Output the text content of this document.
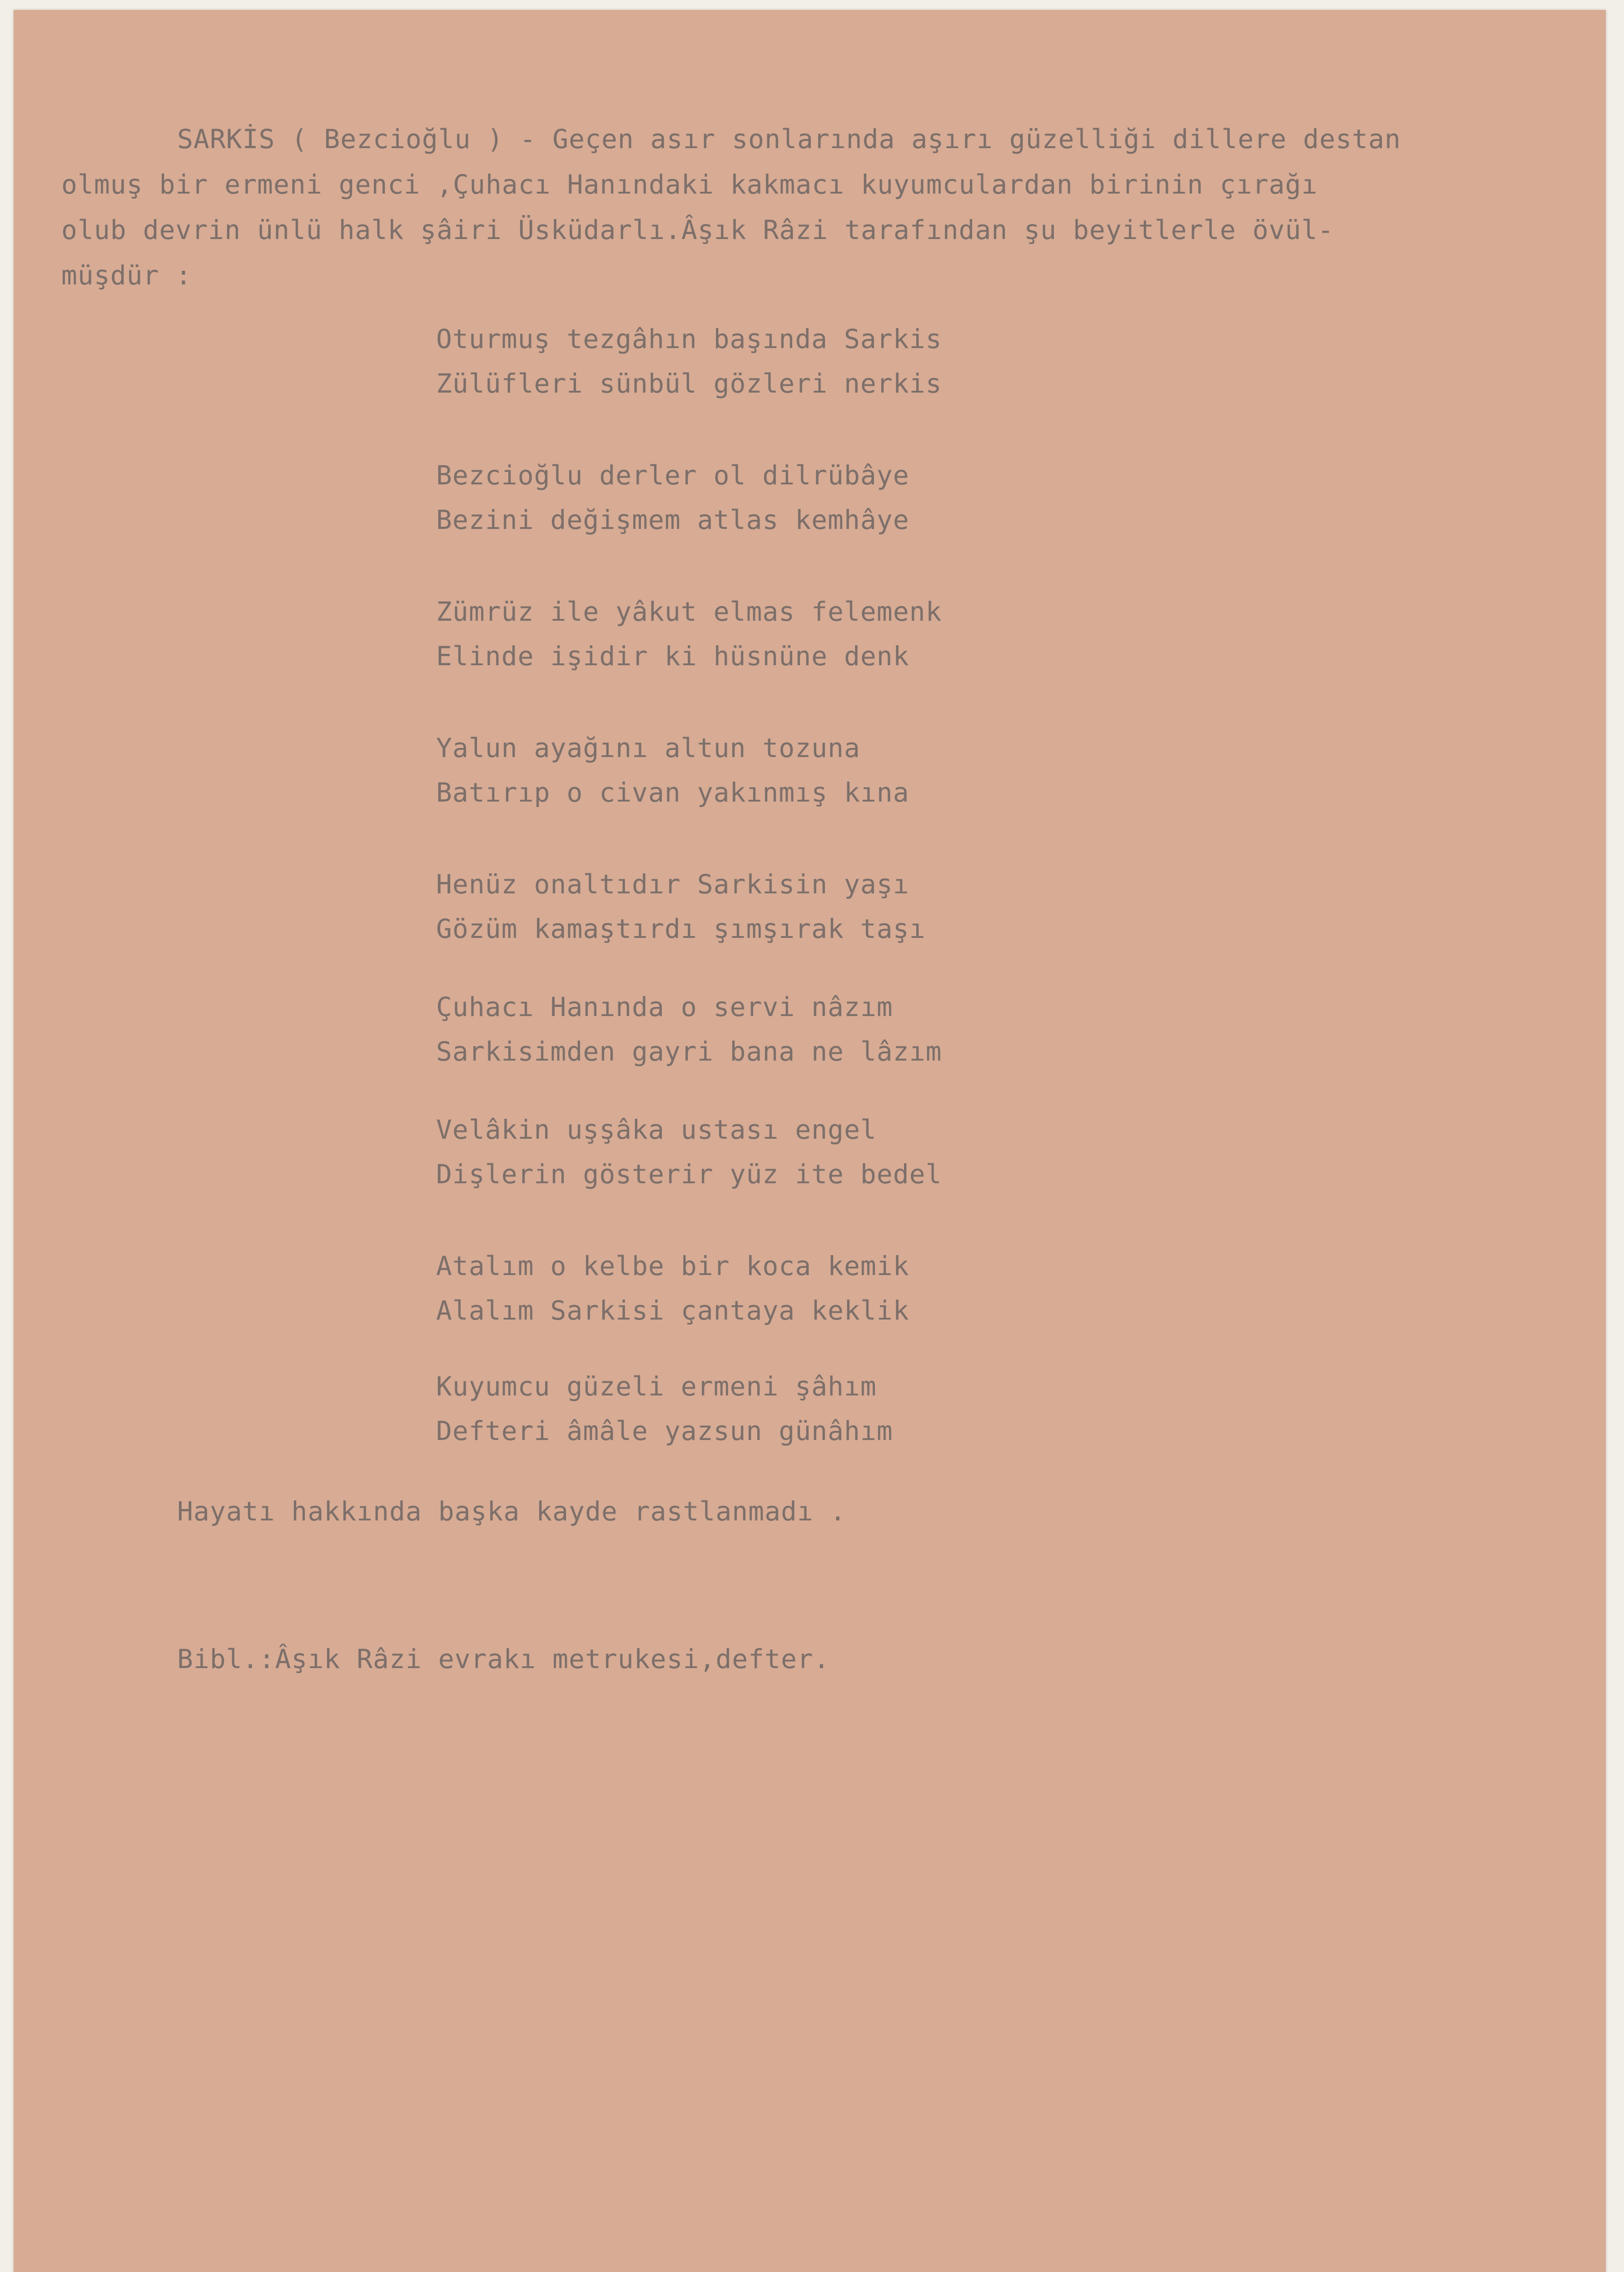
SARKİS ( Bezcioğlu ) - Geçen asır sonlarında aşırı güzelliği dillere destan

olmuş bir ermeni genci ,Çuhacı Hanındaki kakmacı kuyumculardan birinin çırağı

olub devrin ünlü halk şâiri Üsküdarlı.Âşık Râzi tarafından şu beyitlerle övül-

müşdür :

Oturmuş tezgâhın başında Sarkis

Zülüfleri sünbül gözleri nerkis

Bezcioğlu derler ol dilrübâye

Bezini değişmem atlas kemhâye

Zümrüz ile yâkut elmas felemenk

Elinde işidir ki hüsnüne denk

Yalun ayağını altun tozuna

Batırıp o civan yakınmış kına

Henüz onaltıdır Sarkisin yaşı

Gözüm kamaştırdı şımşırak taşı

Çuhacı Hanında o servi nâzım

Sarkisimden gayri bana ne lâzım

Velâkin uşşâka ustası engel

Dişlerin gösterir yüz ite bedel

Atalım o kelbe bir koca kemik

Alalım Sarkisi çantaya keklik

Kuyumcu güzeli ermeni şâhım

Defteri âmâle yazsun günâhım

Hayatı hakkında başka kayde rastlanmadı .
Bibl.:Âşık Râzi evrakı metrukesi,defter.
